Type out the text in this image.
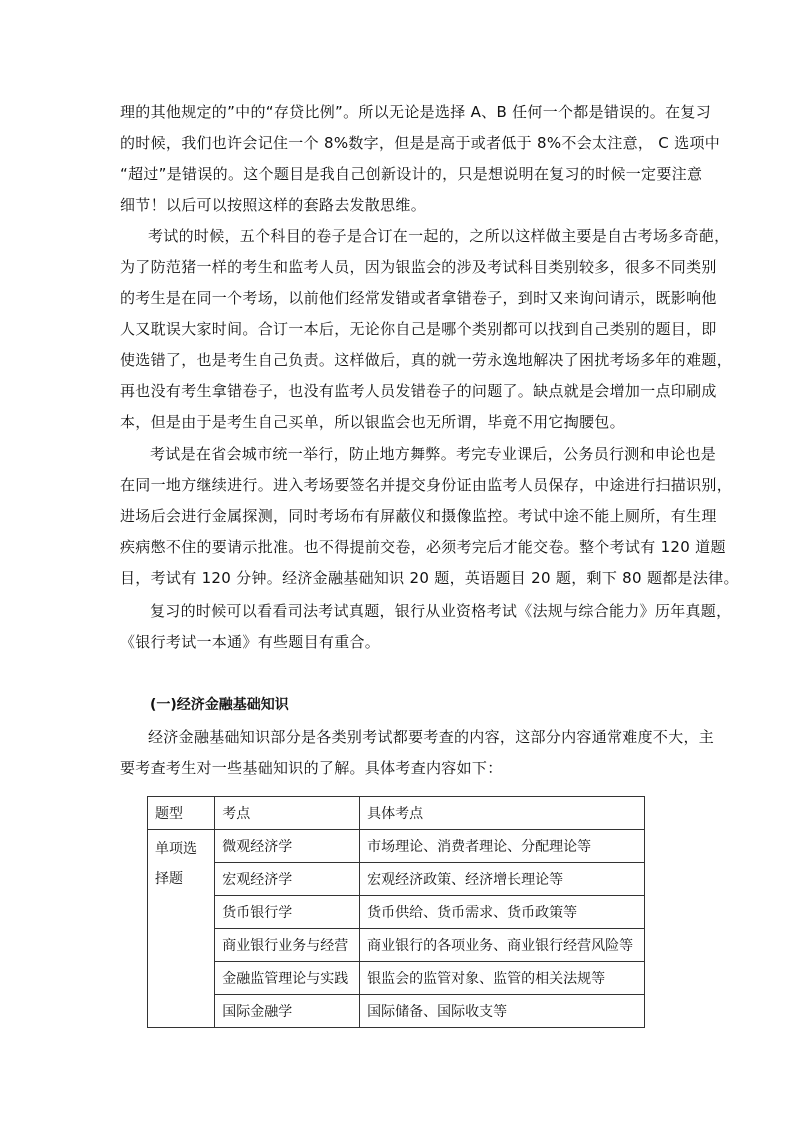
理的其他规定的”中的“存贷比例”。所以无论是选择 A、B 任何一个都是错误的。在复习
的时候，我们也许会记住一个 8%数字，但是是高于或者低于 8%不会太注意， C 选项中
“超过”是错误的。这个题目是我自己创新设计的，只是想说明在复习的时候一定要注意
细节！以后可以按照这样的套路去发散思维。
考试的时候，五个科目的卷子是合订在一起的，之所以这样做主要是自古考场多奇葩，
为了防范猪一样的考生和监考人员，因为银监会的涉及考试科目类别较多，很多不同类别
的考生是在同一个考场，以前他们经常发错或者拿错卷子，到时又来询问请示，既影响他
人又耽误大家时间。合订一本后，无论你自己是哪个类别都可以找到自己类别的题目，即
使选错了，也是考生自己负责。这样做后，真的就一劳永逸地解决了困扰考场多年的难题，
再也没有考生拿错卷子，也没有监考人员发错卷子的问题了。缺点就是会增加一点印刷成
本，但是由于是考生自己买单，所以银监会也无所谓，毕竟不用它掏腰包。
考试是在省会城市统一举行，防止地方舞弊。考完专业课后，公务员行测和申论也是
在同一地方继续进行。进入考场要签名并提交身份证由监考人员保存，中途进行扫描识别，
进场后会进行金属探测，同时考场布有屏蔽仪和摄像监控。考试中途不能上厕所，有生理
疾病憋不住的要请示批准。也不得提前交卷，必须考完后才能交卷。整个考试有 120 道题
目，考试有 120 分钟。经济金融基础知识 20 题，英语题目 20 题，剩下 80 题都是法律。
复习的时候可以看看司法考试真题，银行从业资格考试《法规与综合能力》历年真题，
《银行考试一本通》有些题目有重合。
(一)经济金融基础知识
经济金融基础知识部分是各类别考试都要考查的内容，这部分内容通常难度不大，主
要考查考生对一些基础知识的了解。具体考查内容如下：
题型	考点	具体考点
单项选择题	微观经济学	市场理论、消费者理论、分配理论等
	宏观经济学	宏观经济政策、经济增长理论等
	货币银行学	货币供给、货币需求、货币政策等
	商业银行业务与经营	商业银行的各项业务、商业银行经营风险等
	金融监管理论与实践	银监会的监管对象、监管的相关法规等
	国际金融学	国际储备、国际收支等
